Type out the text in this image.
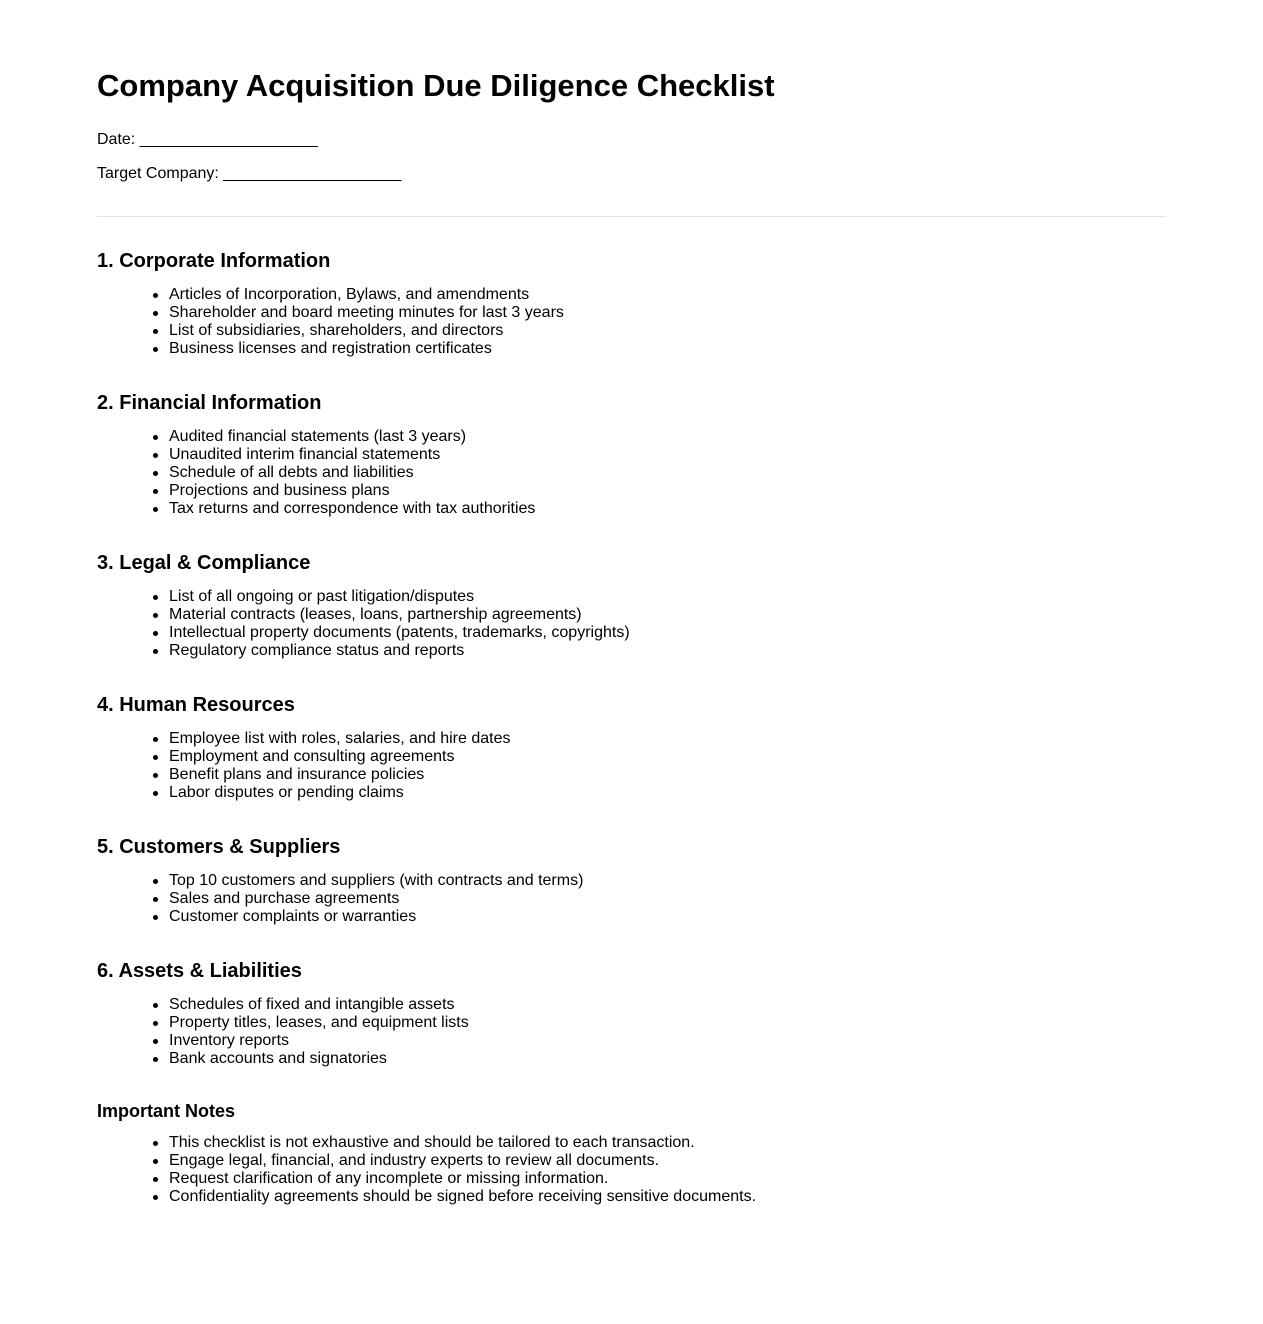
Company Acquisition Due Diligence Checklist

Date: ____________________

Target Company: ____________________

1. Corporate Information
Articles of Incorporation, Bylaws, and amendments
Shareholder and board meeting minutes for last 3 years
List of subsidiaries, shareholders, and directors
Business licenses and registration certificates
2. Financial Information
Audited financial statements (last 3 years)
Unaudited interim financial statements
Schedule of all debts and liabilities
Projections and business plans
Tax returns and correspondence with tax authorities
3. Legal & Compliance
List of all ongoing or past litigation/disputes
Material contracts (leases, loans, partnership agreements)
Intellectual property documents (patents, trademarks, copyrights)
Regulatory compliance status and reports
4. Human Resources
Employee list with roles, salaries, and hire dates
Employment and consulting agreements
Benefit plans and insurance policies
Labor disputes or pending claims
5. Customers & Suppliers
Top 10 customers and suppliers (with contracts and terms)
Sales and purchase agreements
Customer complaints or warranties
6. Assets & Liabilities
Schedules of fixed and intangible assets
Property titles, leases, and equipment lists
Inventory reports
Bank accounts and signatories
Important Notes
This checklist is not exhaustive and should be tailored to each transaction.
Engage legal, financial, and industry experts to review all documents.
Request clarification of any incomplete or missing information.
Confidentiality agreements should be signed before receiving sensitive documents.
